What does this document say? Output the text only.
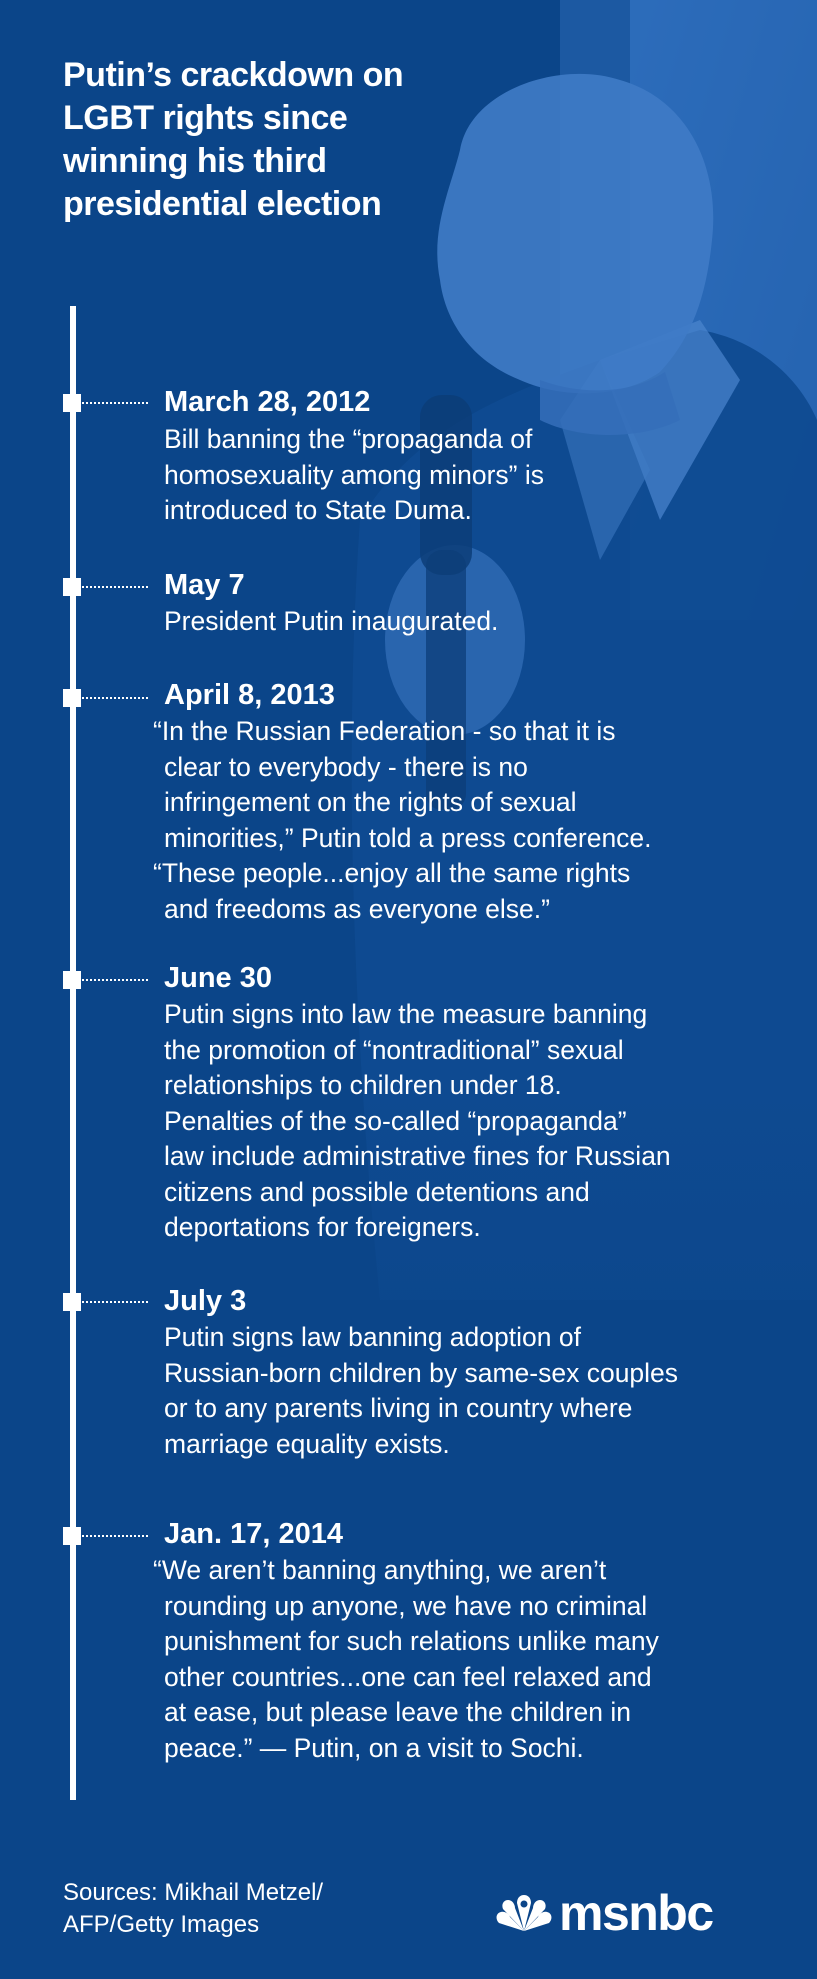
Putin’s crackdown on LGBT rights since winning his third presidential election
March 28, 2012
Bill banning the “propaganda of
homosexuality among minors” is
introduced to State Duma.
May 7
President Putin inaugurated.
April 8, 2013
“In the Russian Federation - so that it is
clear to everybody - there is no
infringement on the rights of sexual
minorities,” Putin told a press conference.
“These people...enjoy all the same rights
and freedoms as everyone else.”
June 30
Putin signs into law the measure banning
the promotion of “nontraditional” sexual
relationships to children under 18.
Penalties of the so-called “propaganda”
law include administrative fines for Russian
citizens and possible detentions and
deportations for foreigners.
July 3
Putin signs law banning adoption of
Russian-born children by same-sex couples
or to any parents living in country where
marriage equality exists.
Jan. 17, 2014
“We aren’t banning anything, we aren’t
rounding up anyone, we have no criminal
punishment for such relations unlike many
other countries...one can feel relaxed and
at ease, but please leave the children in
peace.” — Putin, on a visit to Sochi.
Sources: Mikhail Metzel/
AFP/Getty Images	msnbc
